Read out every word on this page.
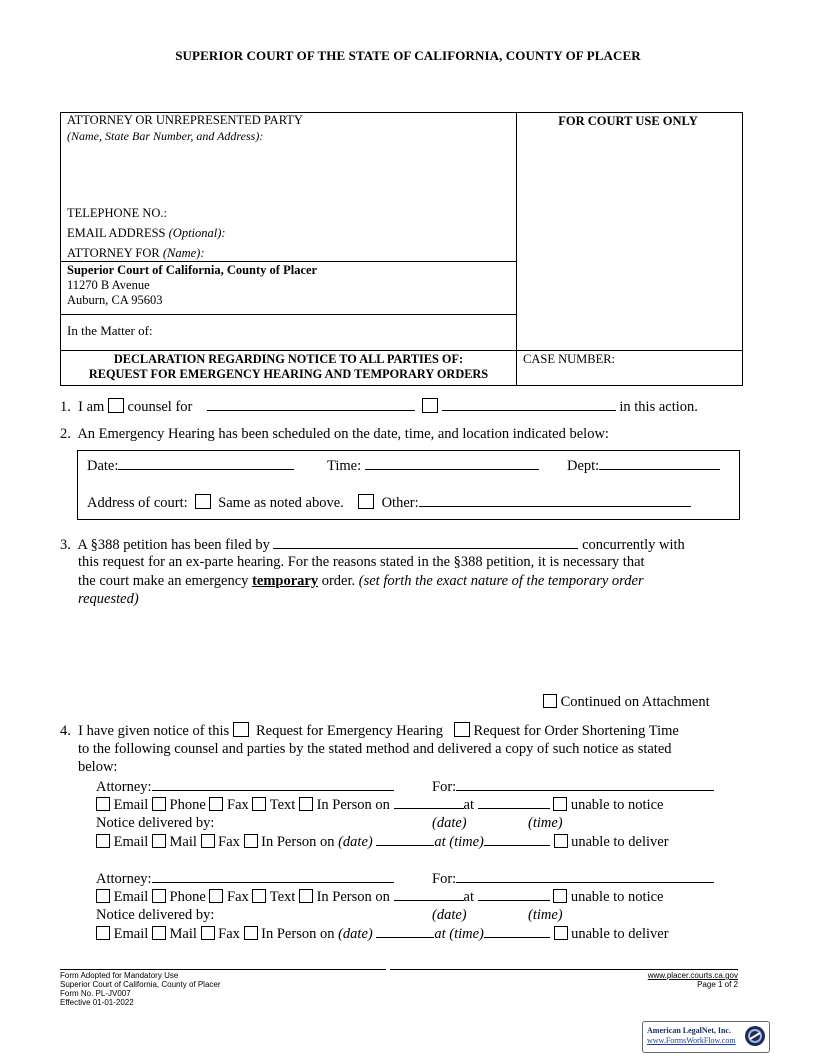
SUPERIOR COURT OF THE STATE OF CALIFORNIA, COUNTY OF PLACER
ATTORNEY OR UNREPRESENTED PARTY
(Name, State Bar Number, and Address):
TELEPHONE NO.:
EMAIL ADDRESS (Optional):
ATTORNEY FOR (Name):
FOR COURT USE ONLY
Superior Court of California, County of Placer
11270 B Avenue
Auburn, CA 95603
In the Matter of:
DECLARATION REGARDING NOTICE TO ALL PARTIES OF:
REQUEST FOR EMERGENCY HEARING AND TEMPORARY ORDERS
CASE NUMBER:
1. I am counsel for	in this action.
2. An Emergency Hearing has been scheduled on the date, time, and location indicated below:
Date:	Time:	Dept:
Address of court: Same as noted above.	Other:
3. A §388 petition has been filed by	concurrently with
this request for an ex-parte hearing. For the reasons stated in the §388 petition, it is necessary that
the court make an emergency temporary order. (set forth the exact nature of the temporary order
requested)
Continued on Attachment
4. I have given notice of this Request for Emergency Hearing Request for Order Shortening Time
to the following counsel and parties by the stated method and delivered a copy of such notice as stated
below:
Attorney:	For:
Email Phone Fax Text In Person on	at	unable to notice
Notice delivered by:	(date)	(time)
Email Mail Fax In Person on (date)	at (time)	unable to deliver
Attorney:	For:
Email Phone Fax Text In Person on	at	unable to notice
Notice delivered by:	(date)	(time)
Email Mail Fax In Person on (date)	at (time)	unable to deliver
Form Adopted for Mandatory Use
Superior Court of California, County of Placer
Form No. PL-JV007
Effective 01-01-2022
www.placer.courts.ca.gov
Page 1 of 2
American LegalNet, Inc.
www.FormsWorkFlow.com
